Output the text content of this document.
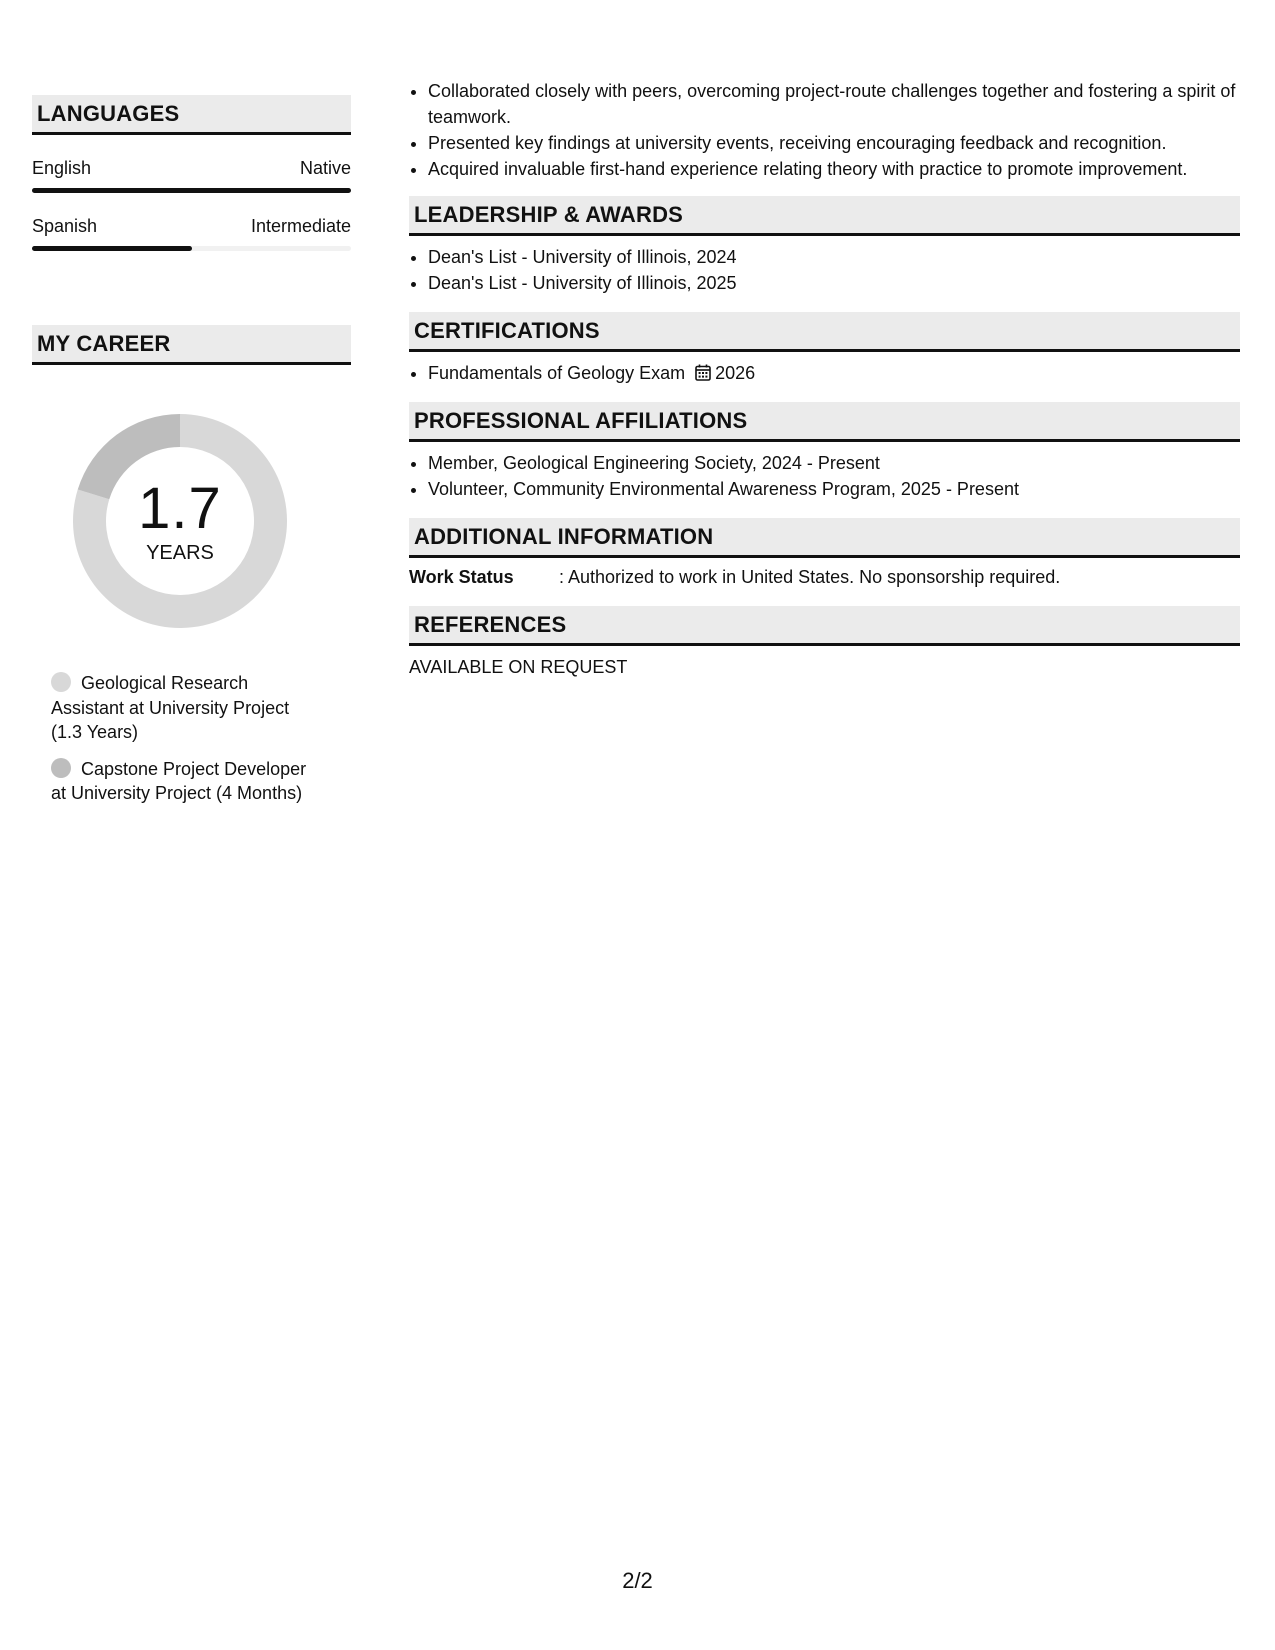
LANGUAGES
English	Native
Spanish	Intermediate
MY CAREER
1.7
YEARS
Geological Research Assistant at University Project (1.3 Years)
Capstone Project Developer at University Project (4 Months)
• Collaborated closely with peers, overcoming project-route challenges together and fostering a spirit of teamwork.
• Presented key findings at university events, receiving encouraging feedback and recognition.
• Acquired invaluable first-hand experience relating theory with practice to promote improvement.
LEADERSHIP & AWARDS
• Dean's List - University of Illinois, 2024
• Dean's List - University of Illinois, 2025
CERTIFICATIONS
• Fundamentals of Geology Exam 2026
PROFESSIONAL AFFILIATIONS
• Member, Geological Engineering Society, 2024 - Present
• Volunteer, Community Environmental Awareness Program, 2025 - Present
ADDITIONAL INFORMATION
Work Status	: Authorized to work in United States. No sponsorship required.
REFERENCES
AVAILABLE ON REQUEST
2/2
